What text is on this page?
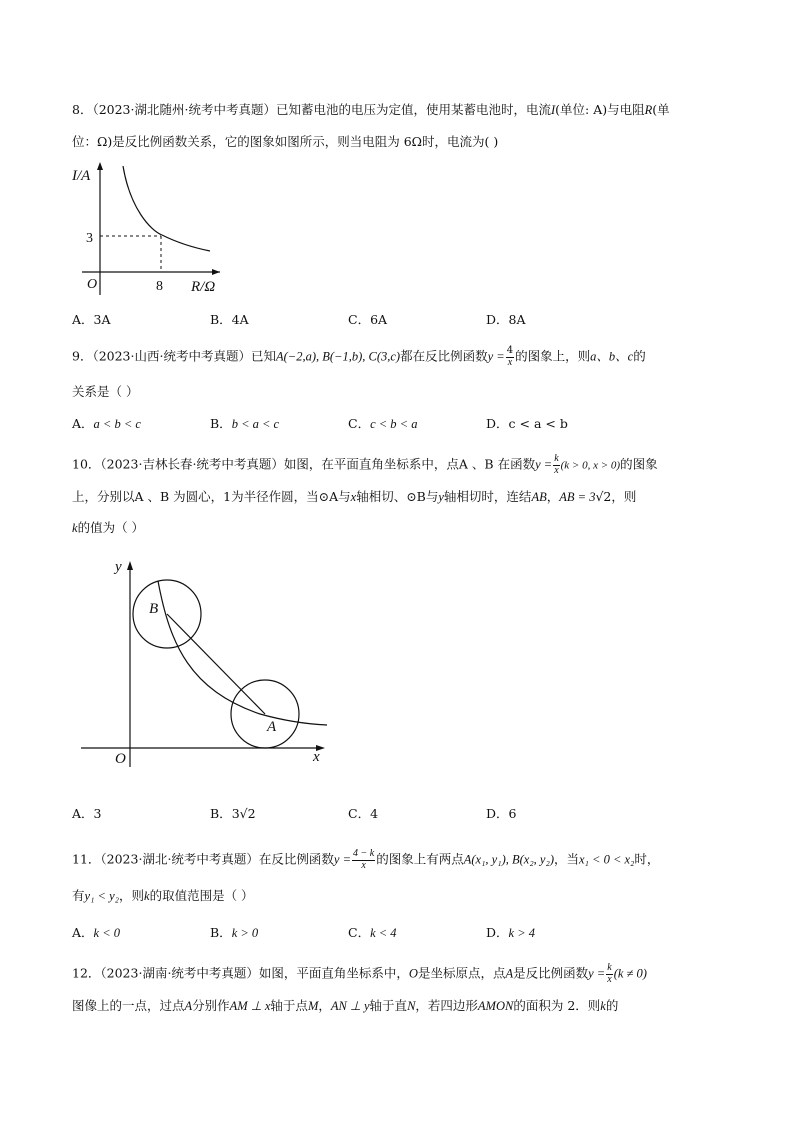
8．（2023·湖北随州·统考中考真题）已知蓄电池的电压为定值，使用某蓄电池时，电流I(单位: A)与电阻R(单
位：Ω)是反比例函数关系，它的图象如图所示，则当电阻为 6Ω时，电流为( )
I/A
3
O	8 R/Ω
A．3A	B．4A	C．6A	D．8A
9．（2023·山西·统考中考真题）已知A(−2,a), B(−1,b), C(3,c)都在反比例函数$y = \frac{4}{x}$ 的图象上，则a、b、c的
关系是（ ）
A．a < b < c	B．b < a < c	C．c < b < a	D．c < a < b
10．（2023·吉林长春·统考中考真题）如图，在平面直角坐标系中，点A 、B 在函数$y = \frac{k}{x} (k > 0$, x > 0)的图象
上，分别以A 、B 为圆心，1为半径作圆，当⊙A与x轴相切、⊙B与y轴相切时，连结AB，AB = 3√2，则
k的值为（ ）
y
B
A
O	x
A．3	B．3√2	C．4	D．6
11．（2023·湖北·统考中考真题）在反比例函数$y = \frac{4 - k}{x}$ 的图象上有两点A(x₁, y₁), B(x₂, y₂)，当x₁ < 0 < x₂时，
有y₁ < y₂，则k的取值范围是（ ）
A．k < 0	B．k > 0	C．k < 4	D．k > 4
12．（2023·湖南·统考中考真题）如图，平面直角坐标系中，O是坐标原点，点A是反比例函数$y = \frac{k}{x} (k \ne 0)$
图像上的一点，过点A分别作AM ⊥ x轴于点M，AN ⊥ y轴于直N，若四边形AMON的面积为 2．则k的
